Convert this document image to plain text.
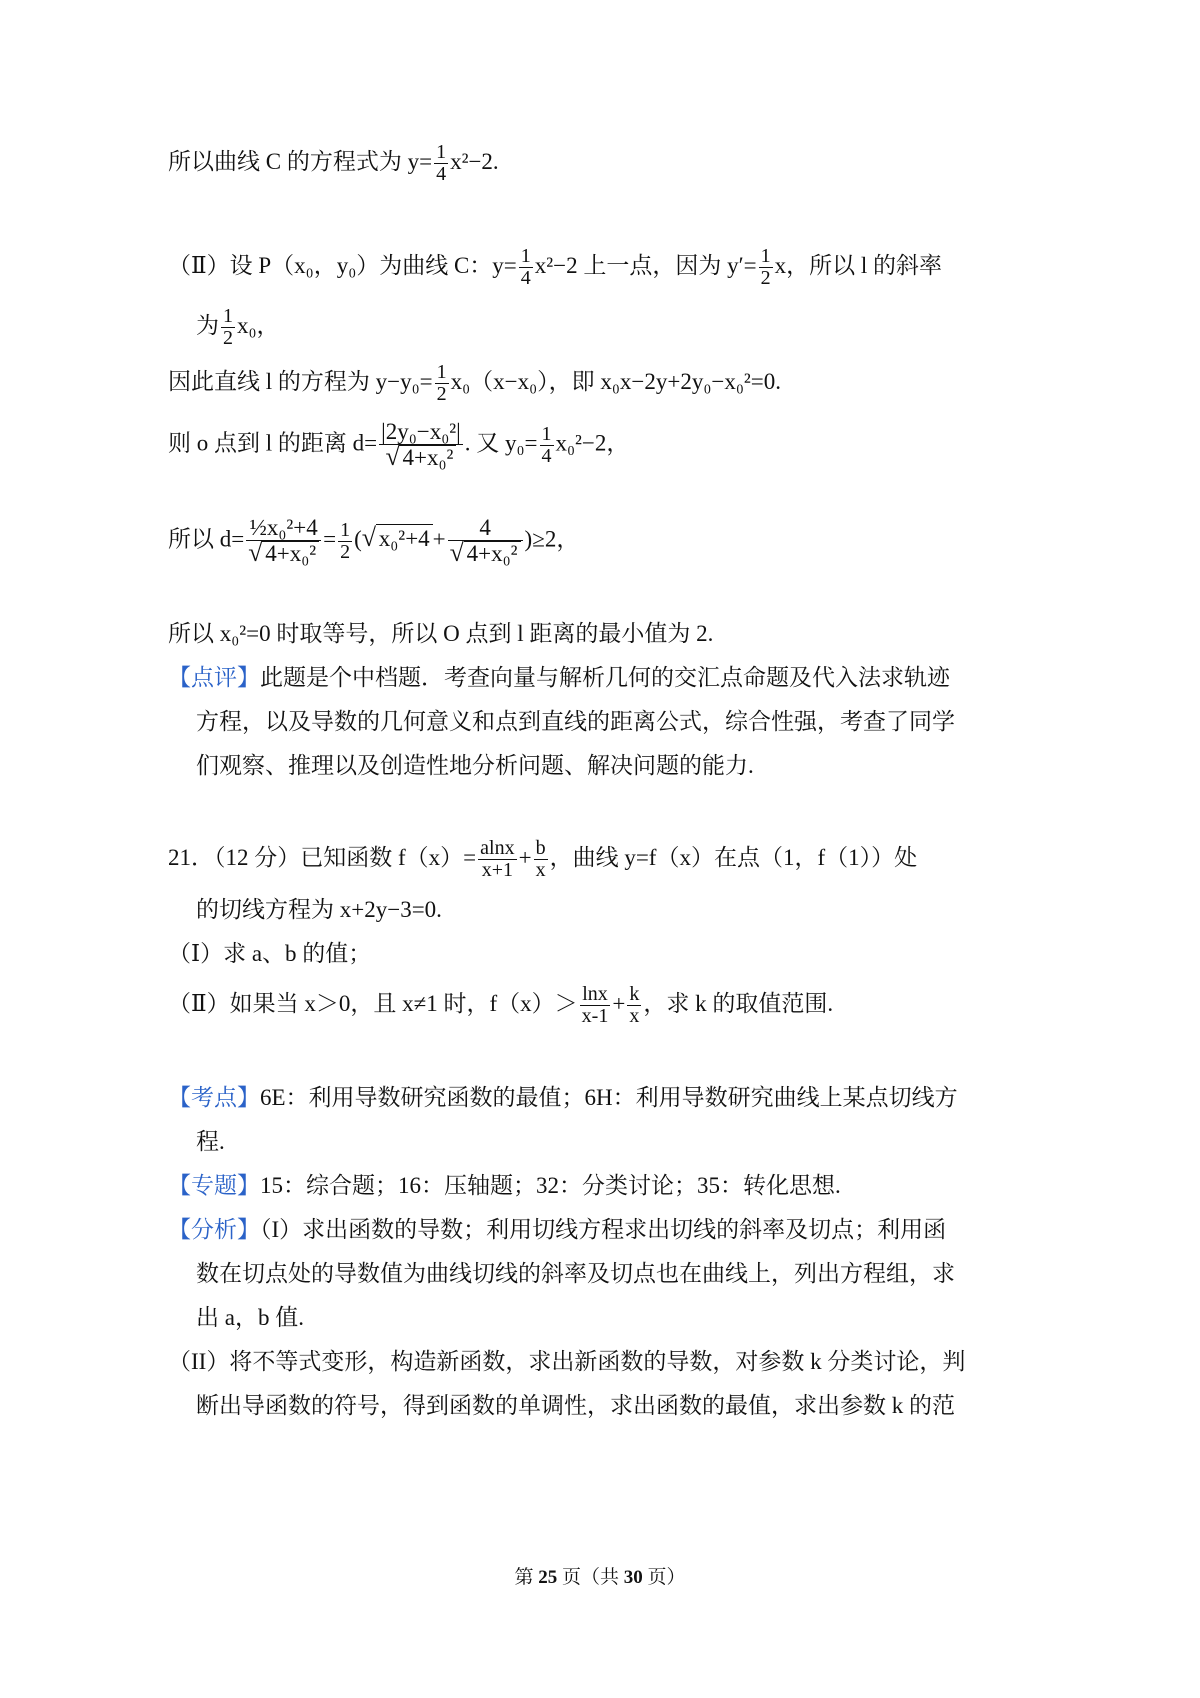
所以曲线 C 的方程式为 $y= \frac{1}{4} x^2-2$.
（Ⅱ）设 P（x₀，y₀）为曲线 C：$y= \frac{1}{4} x^2-2$ 上一点，因为 $y'= \frac{1}{2}$ x，所以 l 的斜率
为 $\frac{1}{2} x_0$，
因此直线 l 的方程为 $y-y_0= \frac{1}{2} x_0(x-x_0)$，即 x₀x−2y+2y₀−x₀²=0.
则 o 点到 l 的距离 $d= \frac{\text{|2y₀−x₀²|}}{\text{√ 4+x₀²}}$ . 又 $y_0= \frac{1}{4} x_0^2-2$，
所以 $d= \frac{\text{½x₀²+4}}{\text{√ 4+x₀²}} = \frac{1}{2}$ ( √ $x_0^2+4 + \frac{4}{\text{√ 4+x₀²}} )\ge 2$，
所以 x₀²=0 时取等号，所以 O 点到 l 距离的最小值为 2.
【点评】此题是个中档题．考查向量与解析几何的交汇点命题及代入法求轨迹
方程，以及导数的几何意义和点到直线的距离公式，综合性强，考查了同学
们观察、推理以及创造性地分析问题、解决问题的能力.
21．（12 分）已知函数 $f(x)= \frac{alnx}{x+1} + \frac{b}{x}$ ，曲线 y=f（x）在点（1，f（1））处
的切线方程为 x+2y−3=0.
（Ⅰ）求 a、b 的值；
（Ⅱ）如果当 x＞0，且 x≠1 时，$f(x)> \frac{\ln x}{x-1} + \frac{k}{x}$ ，求 k 的取值范围.
【考点】6E：利用导数研究函数的最值；6H：利用导数研究曲线上某点切线方
程.
【专题】15：综合题；16：压轴题；32：分类讨论；35：转化思想.
【分析】（I）求出函数的导数；利用切线方程求出切线的斜率及切点；利用函
数在切点处的导数值为曲线切线的斜率及切点也在曲线上，列出方程组，求
出 a，b 值.
（II）将不等式变形，构造新函数，求出新函数的导数，对参数 k 分类讨论，判
断出导函数的符号，得到函数的单调性，求出函数的最值，求出参数 k 的范
第 25 页（共 30 页）
